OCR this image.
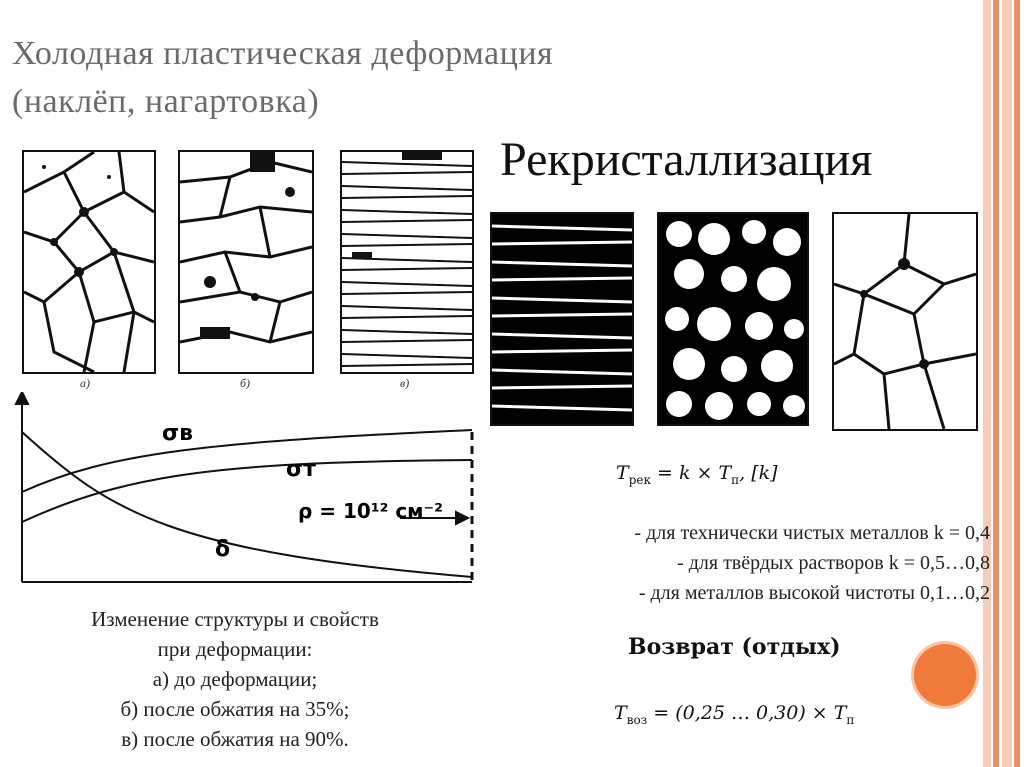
Холодная пластическая деформация
(наклёп, нагартовка)
Рекристаллизация
а)	б)	в)
σв
σт
ρ = 10¹² см⁻²
δ
Изменение структуры и свойств
при деформации:
а) до деформации;
б) после обжатия на 35%;
в) после обжатия на 90%.
$T_{рек} = k \times T_п$, [k]
- для технически чистых металлов k = 0,4
- для твёрдых растворов k = 0,5…0,8
- для металлов высокой чистоты 0,1…0,2
Возврат (отдых)
$T_{воз} = (0,25$ … $0,30) \times T_п$
